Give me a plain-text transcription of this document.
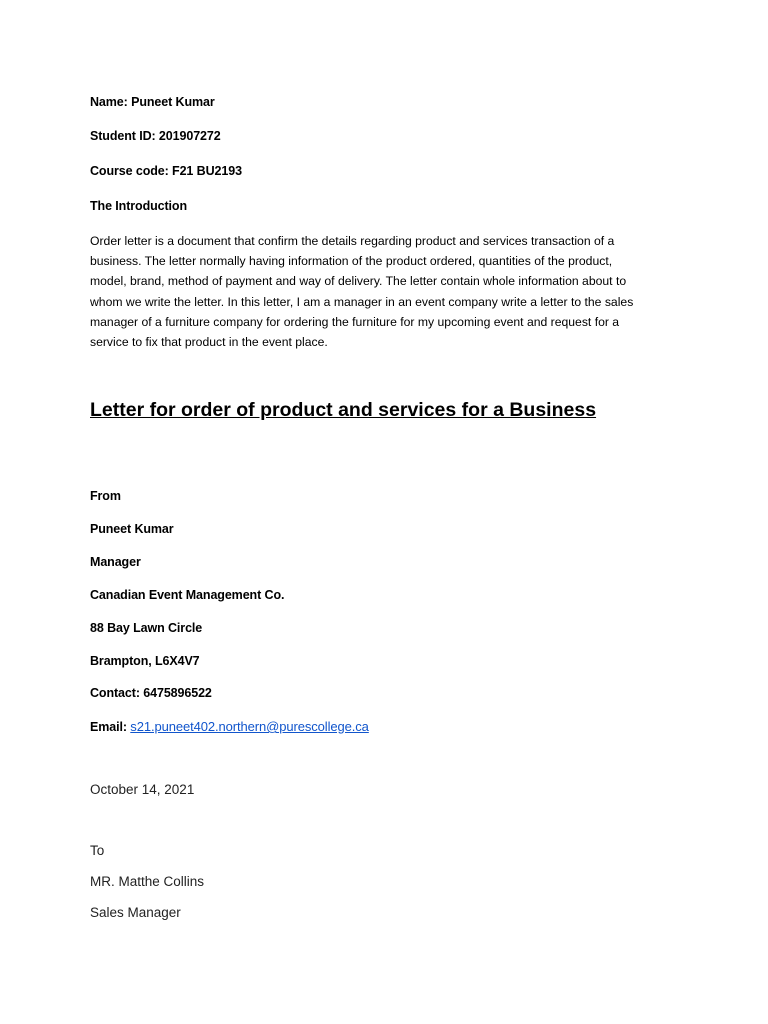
Name: Puneet Kumar
Student ID: 201907272
Course code: F21 BU2193
The Introduction
Order letter is a document that confirm the details regarding product and services transaction of a
business. The letter normally having information of the product ordered, quantities of the product,
model, brand, method of payment and way of delivery. The letter contain whole information about to
whom we write the letter. In this letter, I am a manager in an event company write a letter to the sales
manager of a furniture company for ordering the furniture for my upcoming event and request for a
service to fix that product in the event place.
Letter for order of product and services for a Business
From
Puneet Kumar
Manager
Canadian Event Management Co.
88 Bay Lawn Circle
Brampton, L6X4V7
Contact: 6475896522
Email: s21.puneet402.northern@purescollege.ca
October 14, 2021
To
MR. Matthe Collins
Sales Manager
